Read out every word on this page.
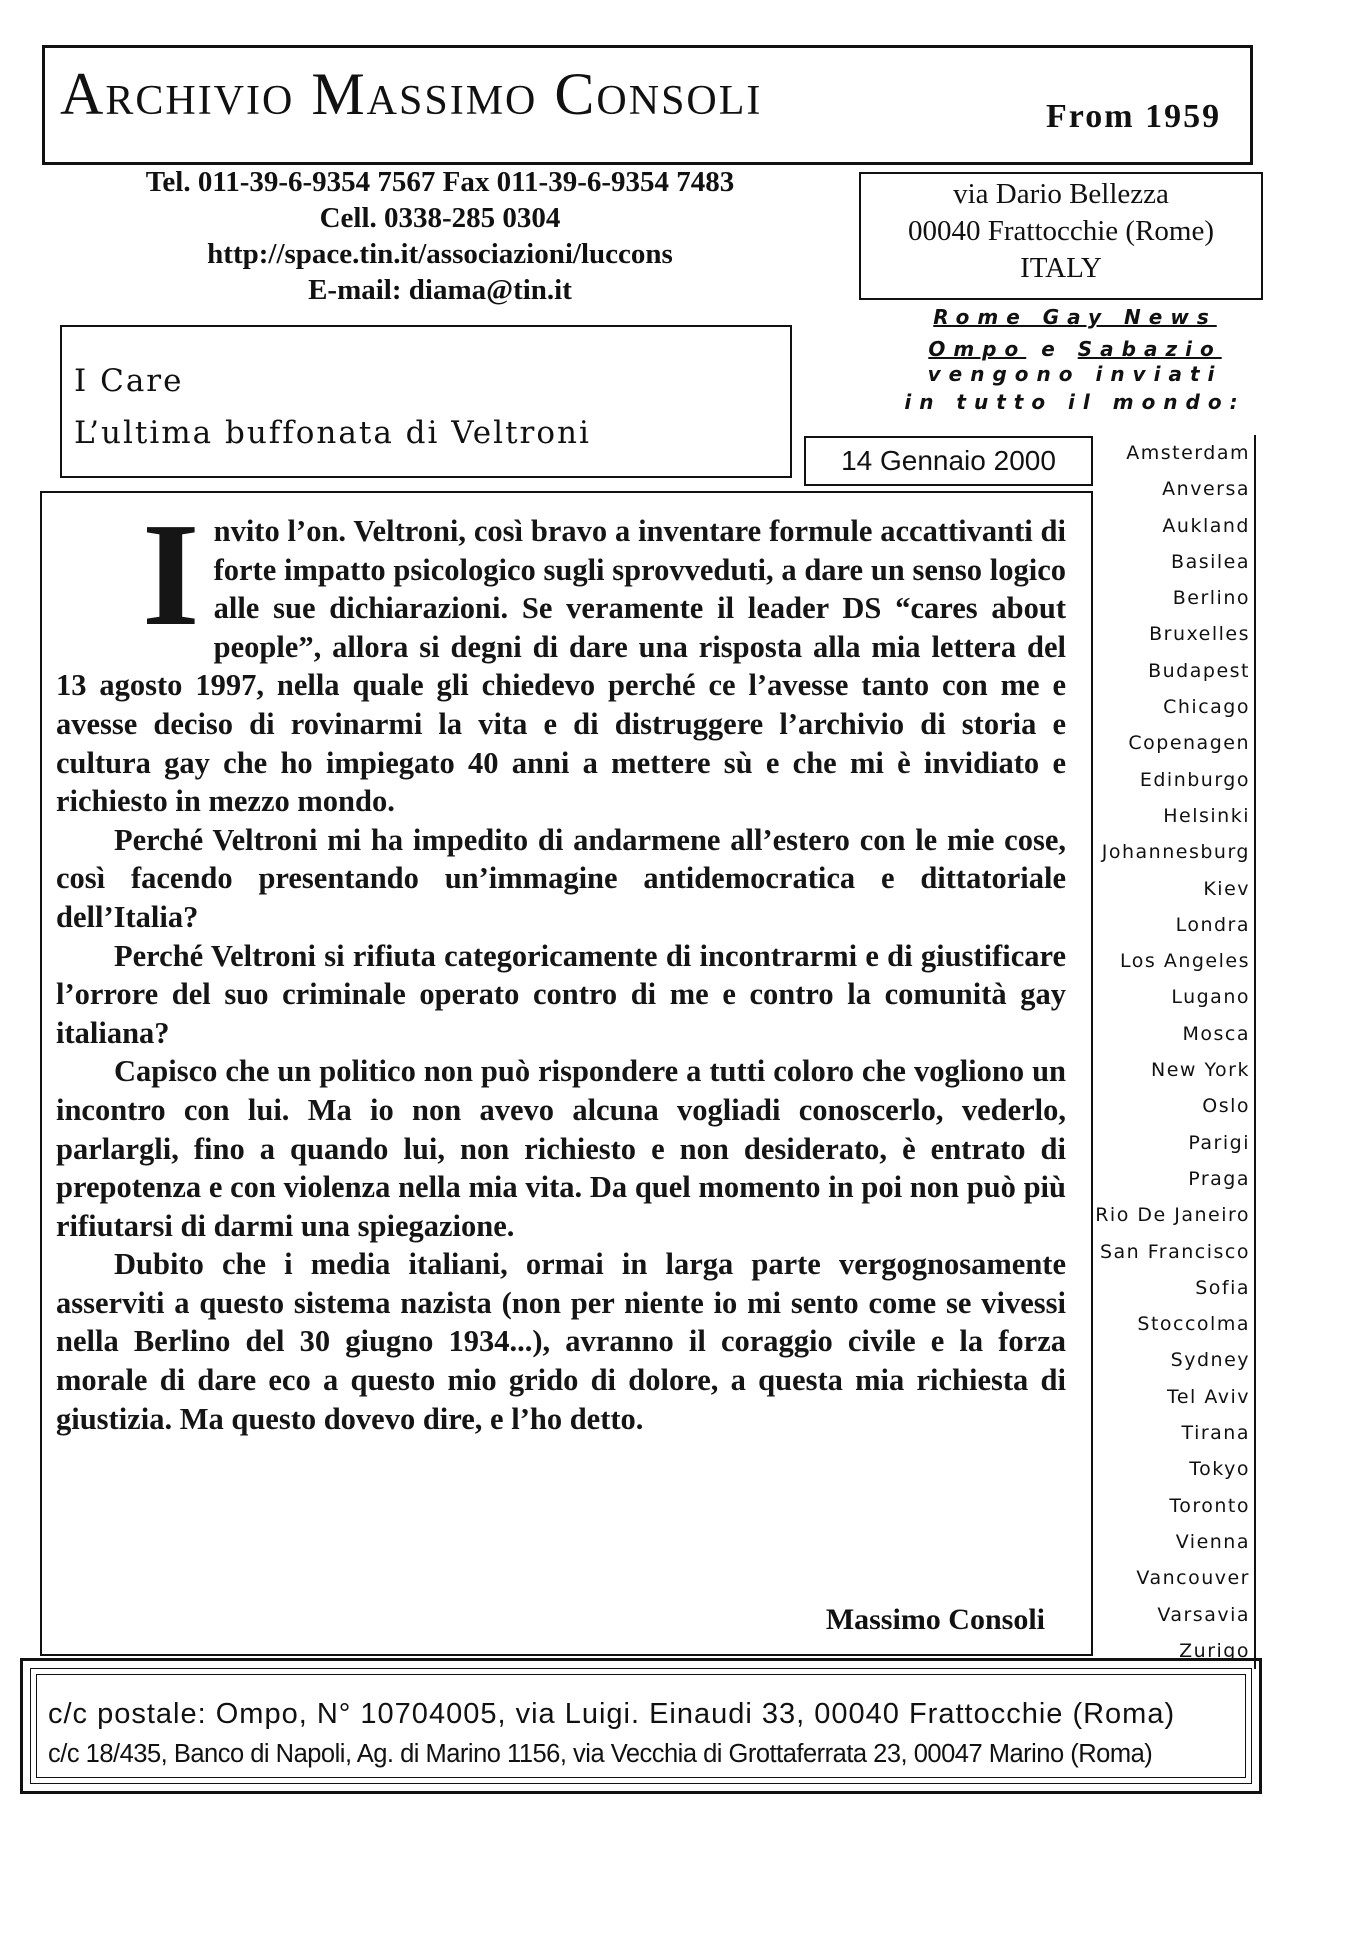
Archivio Massimo Consoli	From 1959
Tel. 011-39-6-9354 7567 Fax 011-39-6-9354 7483
Cell. 0338-285 0304
http://space.tin.it/associazioni/luccons
E-mail: diama@tin.it
via Dario Bellezza
00040 Frattocchie (Rome)
ITALY
I Care
L’ultima buffonata di Veltroni
Rome Gay News
Ompo e Sabazio
vengono inviati
in tutto il mondo:
14 Gennaio 2000
I nvito l’on. Veltroni, così bravo a inventare formule accattivanti di forte impatto psicologico sugli sprovveduti, a dare un senso logico alle sue dichiarazioni. Se veramente il leader DS “cares about people”, allora si degni di dare una risposta alla mia lettera del 13 agosto 1997, nella quale gli chiedevo perché ce l’avesse tanto con me e avesse deciso di rovinarmi la vita e di distruggere l’archivio di storia e cultura gay che ho impiegato 40 anni a mettere sù e che mi è invidiato e richiesto in mezzo mondo.

Perché Veltroni mi ha impedito di andarmene all’estero con le mie cose, così facendo presentando un’immagine antidemocratica e dittatoriale dell’Italia?

Perché Veltroni si rifiuta categoricamente di incontrarmi e di giustificare l’orrore del suo criminale operato contro di me e contro la comunità gay italiana?

Capisco che un politico non può rispondere a tutti coloro che vogliono un incontro con lui. Ma io non avevo alcuna vogliadi conoscerlo, vederlo, parlargli, fino a quando lui, non richiesto e non desiderato, è entrato di prepotenza e con violenza nella mia vita. Da quel momento in poi non può più rifiutarsi di darmi una spiegazione.

Dubito che i media italiani, ormai in larga parte vergognosamente asserviti a questo sistema nazista (non per niente io mi sento come se vivessi nella Berlino del 30 giugno 1934...), avranno il coraggio civile e la forza morale di dare eco a questo mio grido di dolore, a questa mia richiesta di giustizia. Ma questo dovevo dire, e l’ho detto.

Massimo Consoli
Amsterdam
Anversa
Aukland
Basilea
Berlino
Bruxelles
Budapest
Chicago
Copenagen
Edinburgo
Helsinki
Johannesburg
Kiev
Londra
Los Angeles
Lugano
Mosca
New York
Oslo
Parigi
Praga
Rio De Janeiro
San Francisco
Sofia
Stoccolma
Sydney
Tel Aviv
Tirana
Tokyo
Toronto
Vienna
Vancouver
Varsavia
Zurigo
c/c postale: Ompo, N° 10704005, via Luigi. Einaudi 33, 00040 Frattocchie (Roma)
c/c 18/435, Banco di Napoli, Ag. di Marino 1156, via Vecchia di Grottaferrata 23, 00047 Marino (Roma)
